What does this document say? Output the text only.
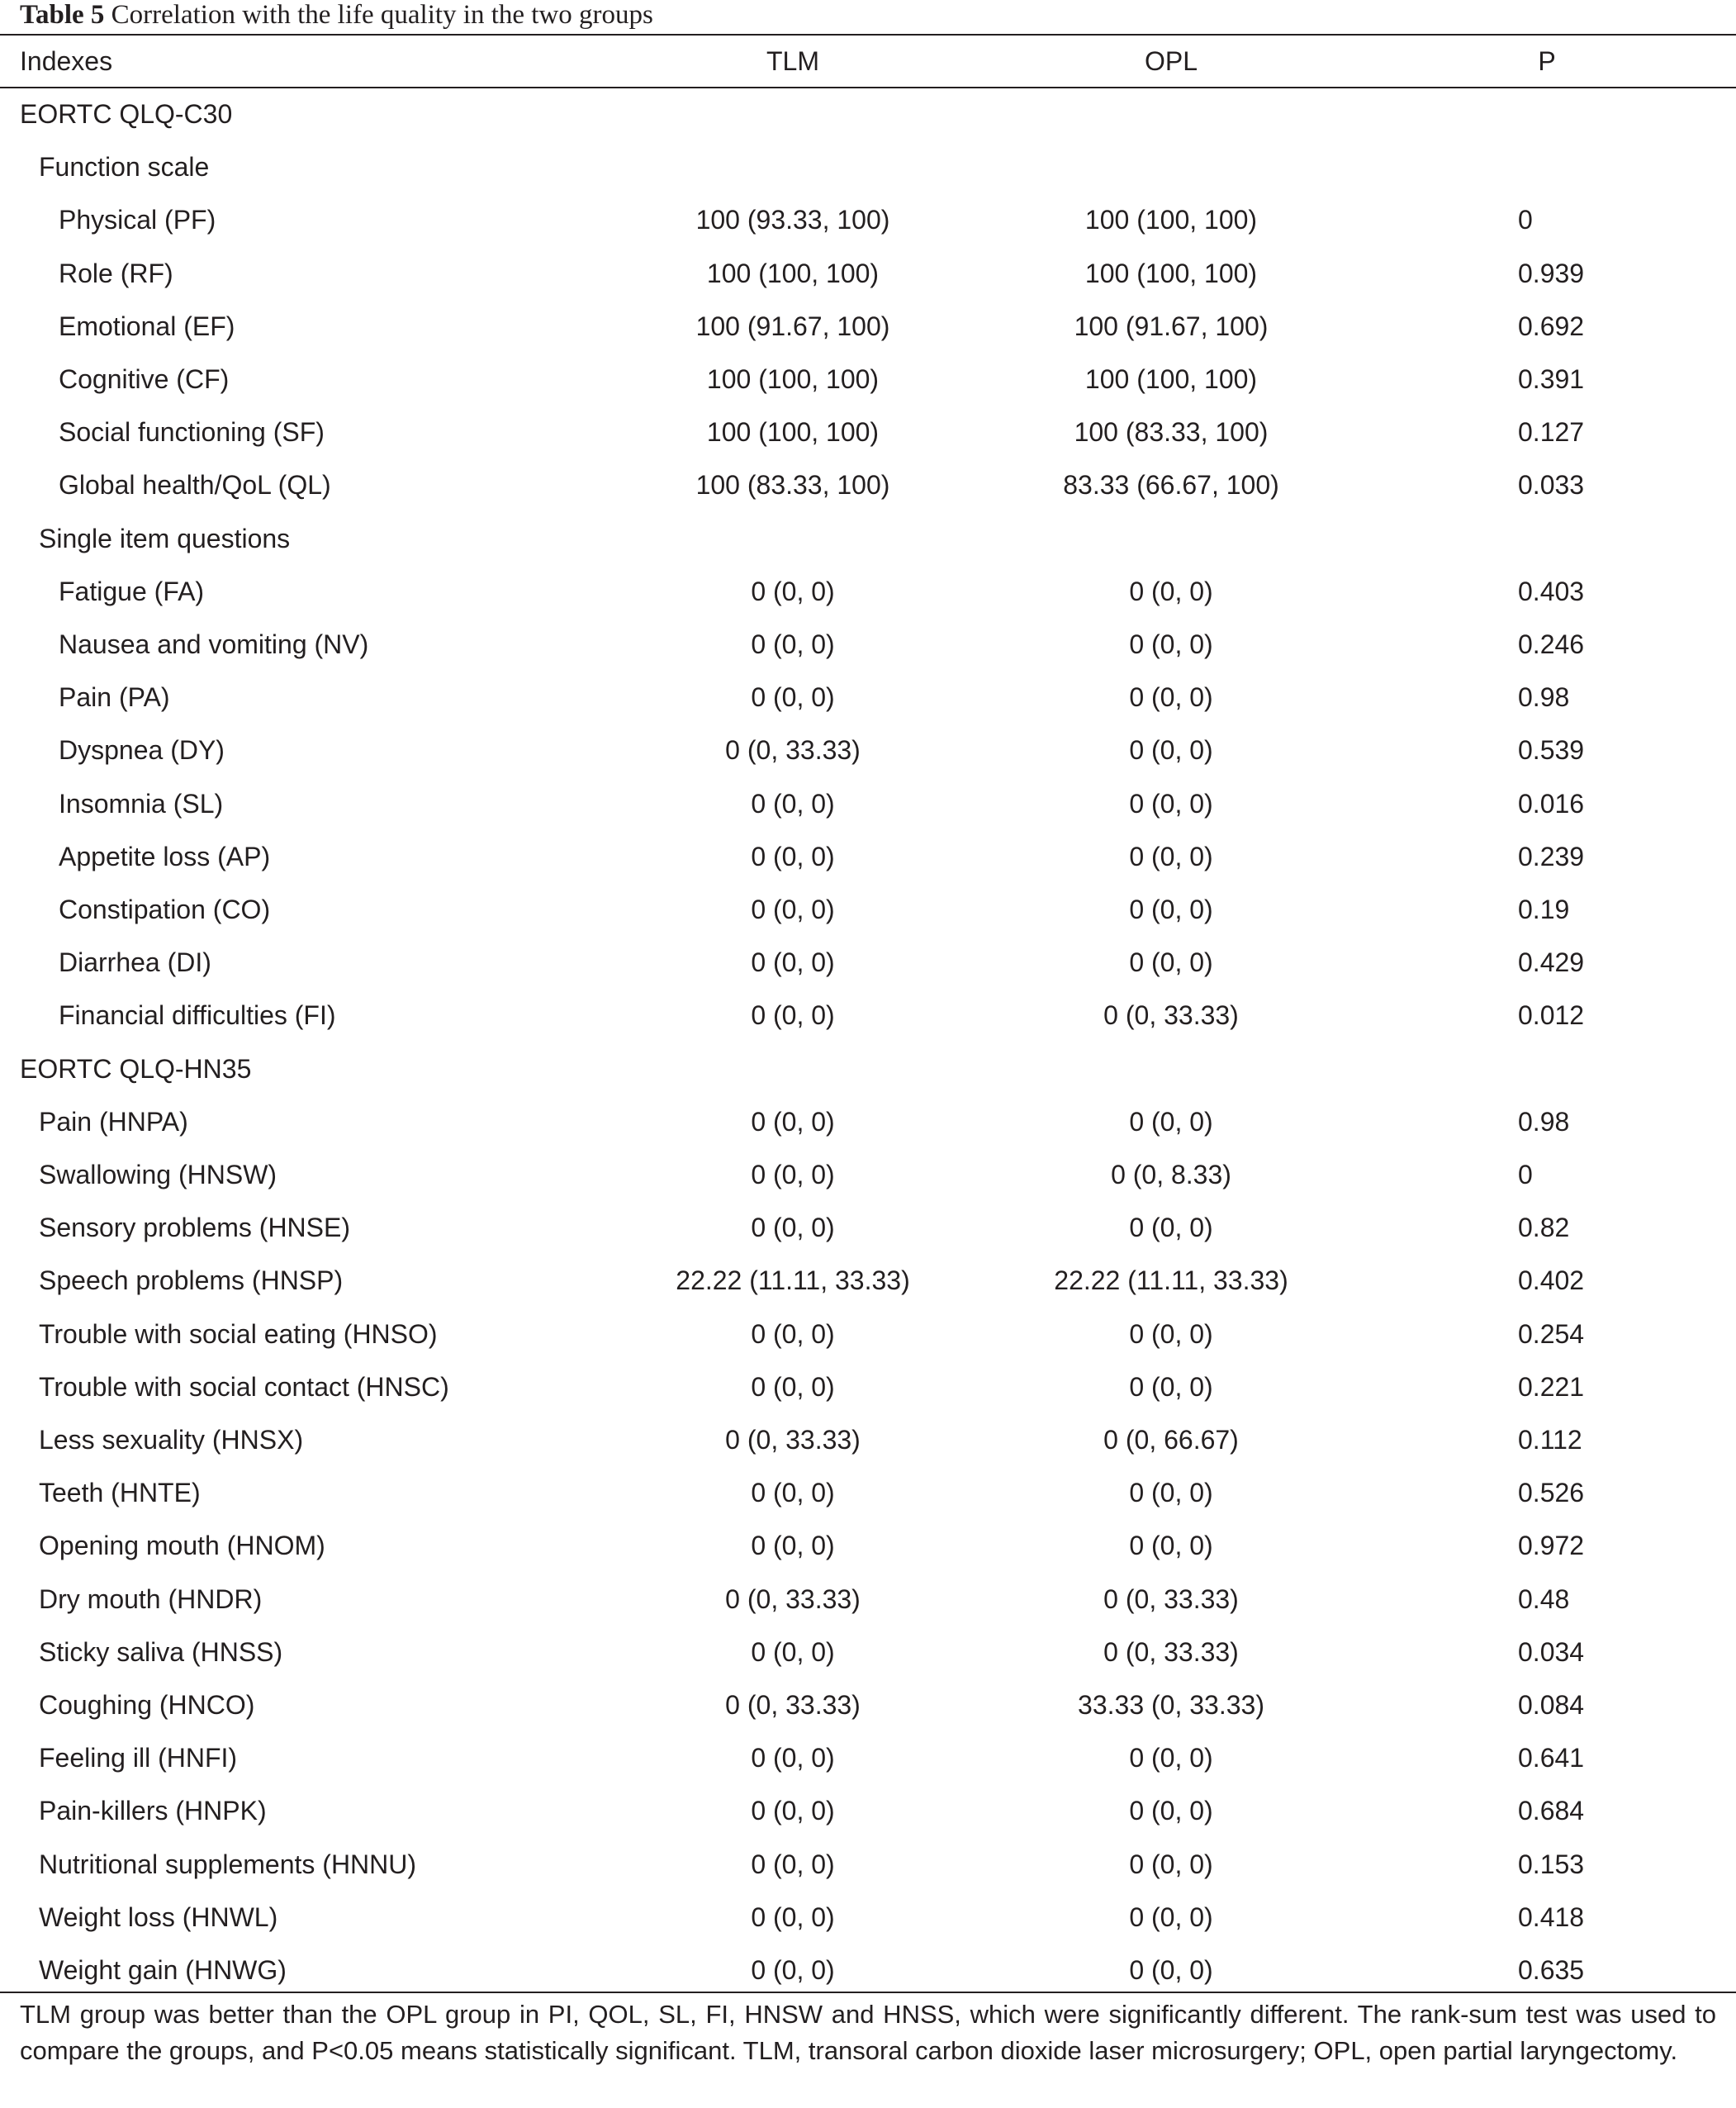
Table 5 Correlation with the life quality in the two groups
Indexes	TLM	OPL	P
EORTC QLQ-C30
Function scale
Physical (PF)	100 (93.33, 100)	100 (100, 100)	0
Role (RF)	100 (100, 100)	100 (100, 100)	0.939
Emotional (EF)	100 (91.67, 100)	100 (91.67, 100)	0.692
Cognitive (CF)	100 (100, 100)	100 (100, 100)	0.391
Social functioning (SF)	100 (100, 100)	100 (83.33, 100)	0.127
Global health/QoL (QL)	100 (83.33, 100)	83.33 (66.67, 100)	0.033
Single item questions
Fatigue (FA)	0 (0, 0)	0 (0, 0)	0.403
Nausea and vomiting (NV)	0 (0, 0)	0 (0, 0)	0.246
Pain (PA)	0 (0, 0)	0 (0, 0)	0.98
Dyspnea (DY)	0 (0, 33.33)	0 (0, 0)	0.539
Insomnia (SL)	0 (0, 0)	0 (0, 0)	0.016
Appetite loss (AP)	0 (0, 0)	0 (0, 0)	0.239
Constipation (CO)	0 (0, 0)	0 (0, 0)	0.19
Diarrhea (DI)	0 (0, 0)	0 (0, 0)	0.429
Financial difficulties (FI)	0 (0, 0)	0 (0, 33.33)	0.012
EORTC QLQ-HN35
Pain (HNPA)	0 (0, 0)	0 (0, 0)	0.98
Swallowing (HNSW)	0 (0, 0)	0 (0, 8.33)	0
Sensory problems (HNSE)	0 (0, 0)	0 (0, 0)	0.82
Speech problems (HNSP)	22.22 (11.11, 33.33)	22.22 (11.11, 33.33)	0.402
Trouble with social eating (HNSO)	0 (0, 0)	0 (0, 0)	0.254
Trouble with social contact (HNSC)	0 (0, 0)	0 (0, 0)	0.221
Less sexuality (HNSX)	0 (0, 33.33)	0 (0, 66.67)	0.112
Teeth (HNTE)	0 (0, 0)	0 (0, 0)	0.526
Opening mouth (HNOM)	0 (0, 0)	0 (0, 0)	0.972
Dry mouth (HNDR)	0 (0, 33.33)	0 (0, 33.33)	0.48
Sticky saliva (HNSS)	0 (0, 0)	0 (0, 33.33)	0.034
Coughing (HNCO)	0 (0, 33.33)	33.33 (0, 33.33)	0.084
Feeling ill (HNFI)	0 (0, 0)	0 (0, 0)	0.641
Pain-killers (HNPK)	0 (0, 0)	0 (0, 0)	0.684
Nutritional supplements (HNNU)	0 (0, 0)	0 (0, 0)	0.153
Weight loss (HNWL)	0 (0, 0)	0 (0, 0)	0.418
Weight gain (HNWG)	0 (0, 0)	0 (0, 0)	0.635
TLM group was better than the OPL group in PI, QOL, SL, FI, HNSW and HNSS, which were significantly different. The rank-sum test was used to compare the groups, and P<0.05 means statistically significant. TLM, transoral carbon dioxide laser microsurgery; OPL, open partial laryngectomy.
